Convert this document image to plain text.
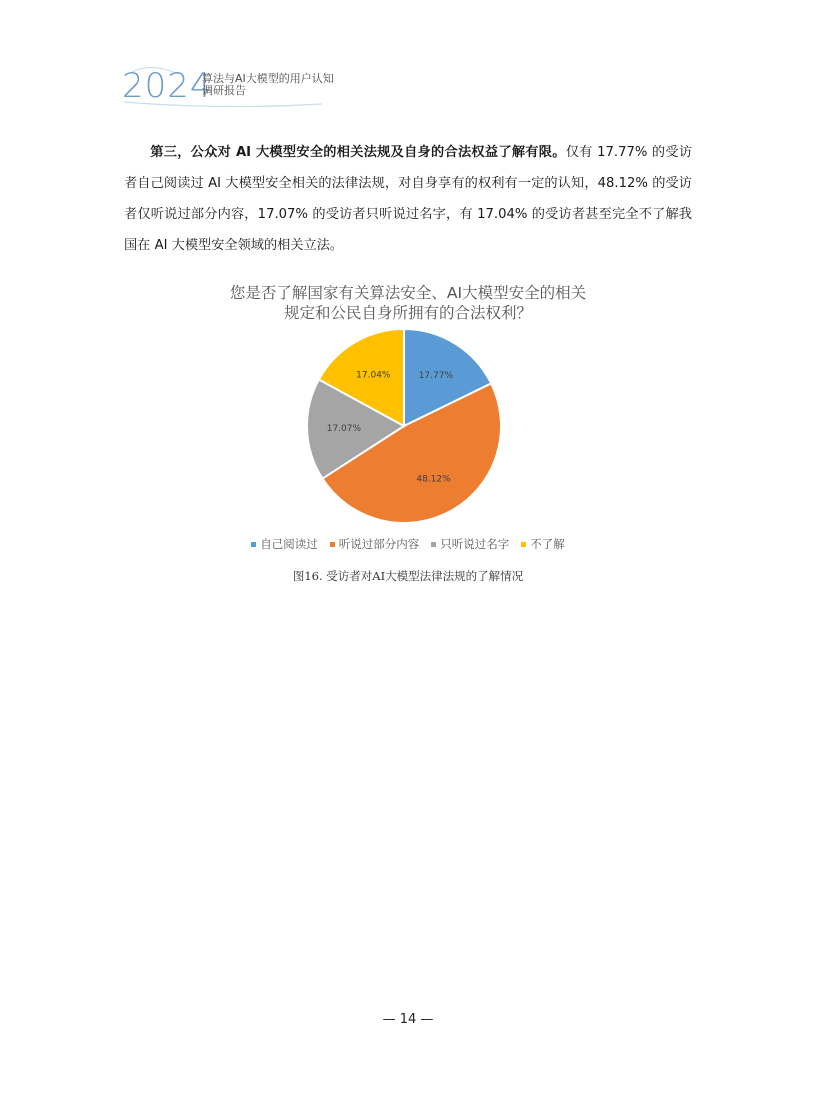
2024
算法与AI大模型的用户认知
调研报告
第三，公众对 AI 大模型安全的相关法规及自身的合法权益了解有限。仅有 17.77% 的受访者自己阅读过 AI 大模型安全相关的法律法规，对自身享有的权利有一定的认知，48.12% 的受访者仅听说过部分内容，17.07% 的受访者只听说过名字，有 17.04% 的受访者甚至完全不了解我国在 AI 大模型安全领域的相关立法。
您是否了解国家有关算法安全、AI大模型安全的相关
规定和公民自身所拥有的合法权利？
17.77%
48.12%
17.07%
17.04%
自己阅读过 听说过部分内容 只听说过名字 不了解
图16. 受访者对AI大模型法律法规的了解情况
— 14 —
